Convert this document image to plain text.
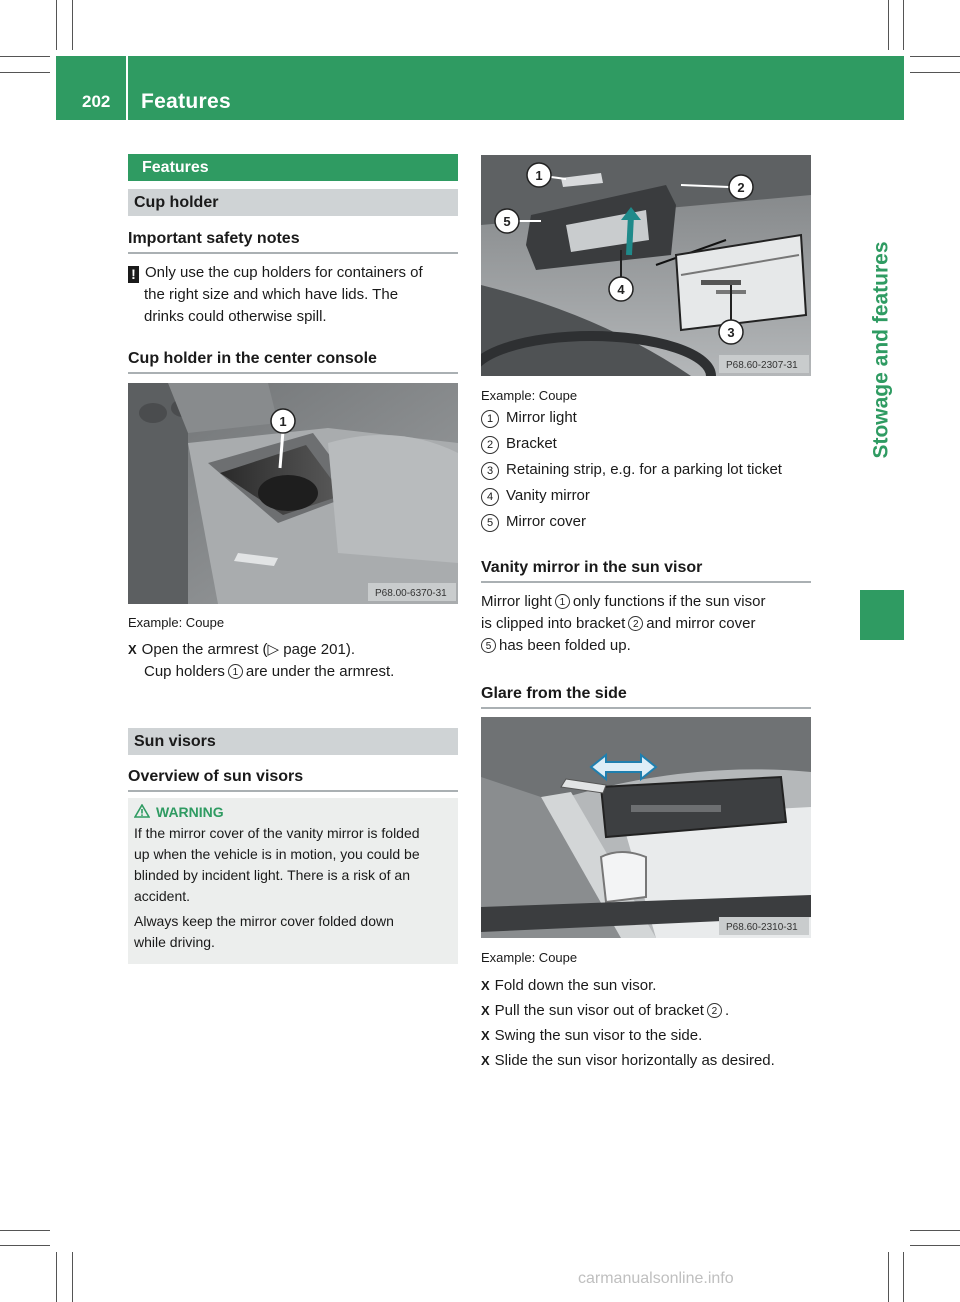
202 Features
Stowage and features
Features
Cup holder
Important safety notes
! Only use the cup holders for containers of
the right size and which have lids. The
drinks could otherwise spill.
Cup holder in the center console
P68.00-6370-31
1
Example: Coupe
X Open the armrest (▷ page 201).
Cup holders 1 are under the armrest.
Sun visors
Overview of sun visors
WARNING
If the mirror cover of the vanity mirror is folded
up when the vehicle is in motion, you could be
blinded by incident light. There is a risk of an
accident.
Always keep the mirror cover folded down
while driving.
P68.60-2307-31
1
2
3
4
5
Example: Coupe
1 Mirror light
2 Bracket
3 Retaining strip, e.g. for a parking lot ticket
4 Vanity mirror
5 Mirror cover
Vanity mirror in the sun visor
Mirror light 1 only functions if the sun visor
is clipped into bracket 2 and mirror cover
5 has been folded up.
Glare from the side
P68.60-2310-31
Example: Coupe
X Fold down the sun visor.
X Pull the sun visor out of bracket 2 .
X Swing the sun visor to the side.
X Slide the sun visor horizontally as desired.
carmanualsonline.info
